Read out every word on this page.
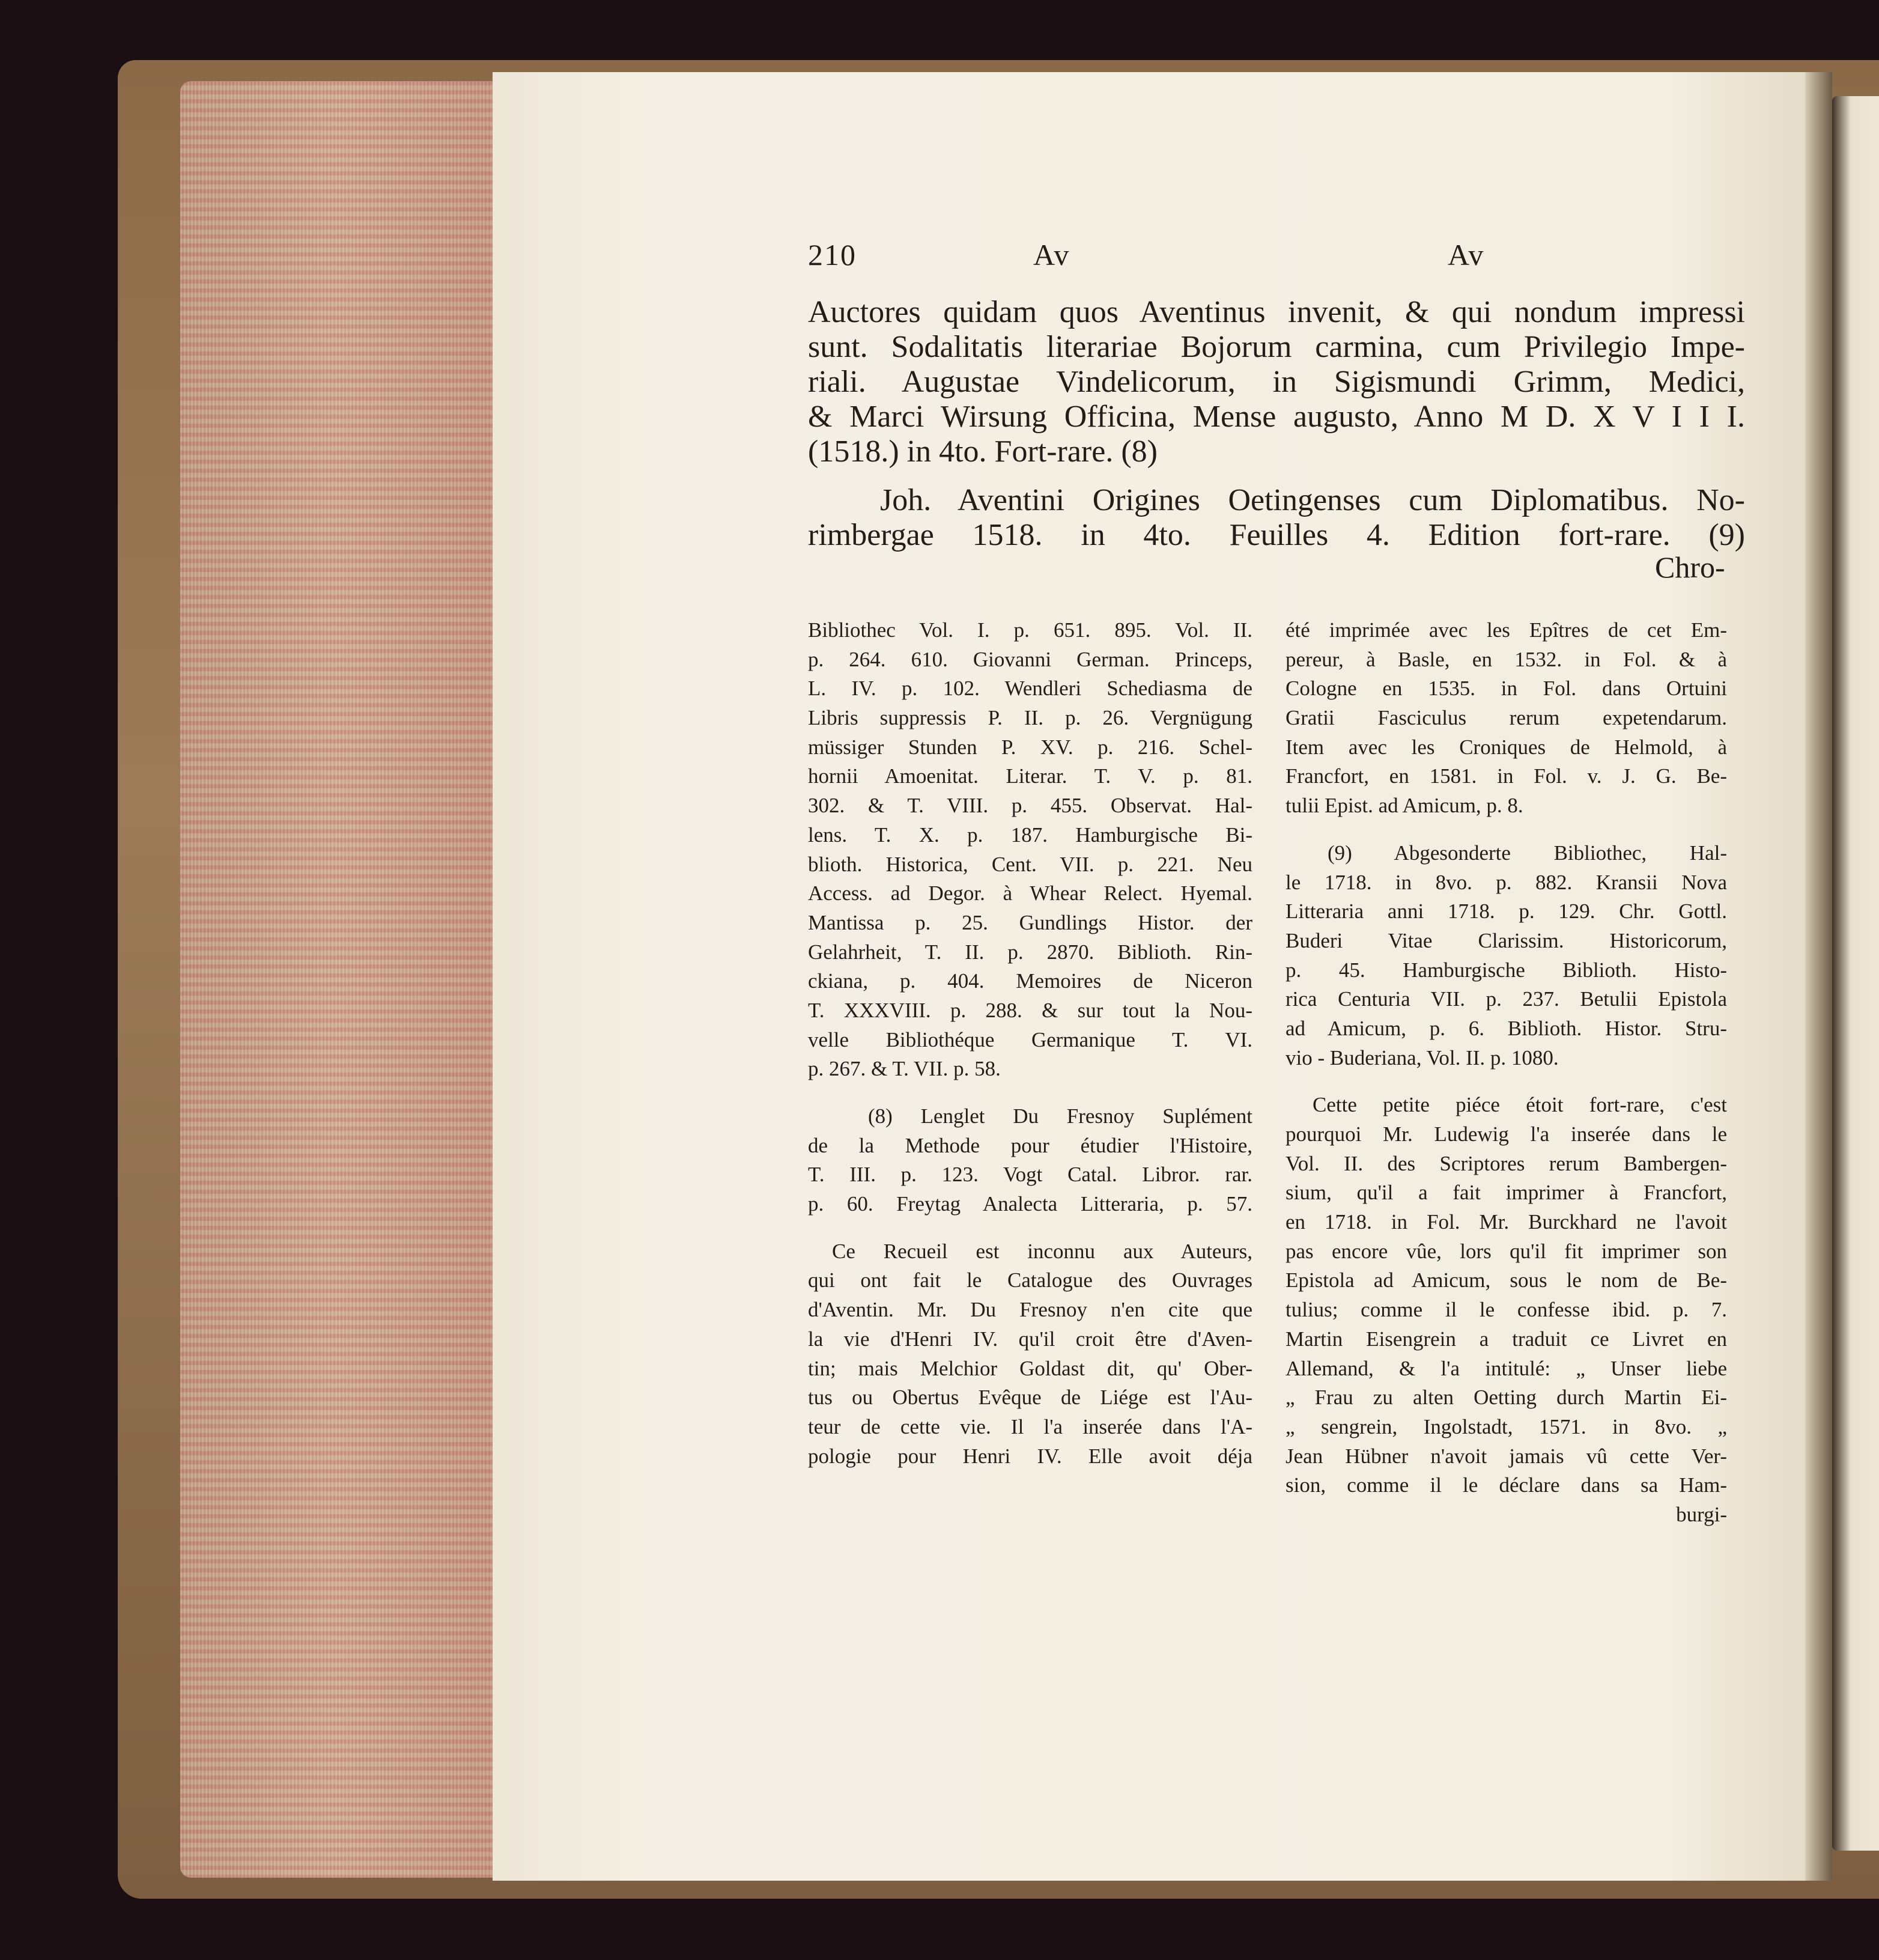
210	Av	Av
Auctores quidam quos Aventinus invenit, & qui nondum impressi
sunt. Sodalitatis literariae Bojorum carmina, cum Privilegio Impe-
riali. Augustae Vindelicorum, in Sigismundi Grimm, Medici,
& Marci Wirsung Officina, Mense augusto, Anno M D. X V I I I.
(1518.) in 4to. Fort-rare. (8)
Joh. Aventini Origines Oetingenses cum Diplomatibus. No-
rimbergae 1518. in 4to. Feuilles 4. Edition fort-rare. (9)
Chro-
Bibliothec Vol. I. p. 651. 895. Vol. II.
p. 264. 610. Giovanni German. Princeps,
L. IV. p. 102. Wendleri Schediasma de
Libris suppressis P. II. p. 26. Vergnügung
müssiger Stunden P. XV. p. 216. Schel-
hornii Amoenitat. Literar. T. V. p. 81.
302. & T. VIII. p. 455. Observat. Hal-
lens. T. X. p. 187. Hamburgische Bi-
blioth. Historica, Cent. VII. p. 221. Neu
Access. ad Degor. à Whear Relect. Hyemal.
Mantissa p. 25. Gundlings Histor. der
Gelahrheit, T. II. p. 2870. Biblioth. Rin-
ckiana, p. 404. Memoires de Niceron
T. XXXVIII. p. 288. & sur tout la Nou-
velle Bibliothéque Germanique T. VI.
p. 267. & T. VII. p. 58.
(8) Lenglet Du Fresnoy Suplément
de la Methode pour étudier l'Histoire,
T. III. p. 123. Vogt Catal. Libror. rar.
p. 60. Freytag Analecta Litteraria, p. 57.
Ce Recueil est inconnu aux Auteurs,
qui ont fait le Catalogue des Ouvrages
d'Aventin. Mr. Du Fresnoy n'en cite que
la vie d'Henri IV. qu'il croit être d'Aven-
tin; mais Melchior Goldast dit, qu' Ober-
tus ou Obertus Evêque de Liége est l'Au-
teur de cette vie. Il l'a inserée dans l'A-
pologie pour Henri IV. Elle avoit déja
été imprimée avec les Epîtres de cet Em-
pereur, à Basle, en 1532. in Fol. & à
Cologne en 1535. in Fol. dans Ortuini
Gratii Fasciculus rerum expetendarum.
Item avec les Croniques de Helmold, à
Francfort, en 1581. in Fol. v. J. G. Be-
tulii Epist. ad Amicum, p. 8.
(9) Abgesonderte Bibliothec, Hal-
le 1718. in 8vo. p. 882. Kransii Nova
Litteraria anni 1718. p. 129. Chr. Gottl.
Buderi Vitae Clarissim. Historicorum,
p. 45. Hamburgische Biblioth. Histo-
rica Centuria VII. p. 237. Betulii Epistola
ad Amicum, p. 6. Biblioth. Histor. Stru-
vio - Buderiana, Vol. II. p. 1080.
Cette petite piéce étoit fort-rare, c'est
pourquoi Mr. Ludewig l'a inserée dans le
Vol. II. des Scriptores rerum Bambergen-
sium, qu'il a fait imprimer à Francfort,
en 1718. in Fol. Mr. Burckhard ne l'avoit
pas encore vûe, lors qu'il fit imprimer son
Epistola ad Amicum, sous le nom de Be-
tulius; comme il le confesse ibid. p. 7.
Martin Eisengrein a traduit ce Livret en
Allemand, & l'a intitulé: „ Unser liebe
„ Frau zu alten Oetting durch Martin Ei-
„ sengrein, Ingolstadt, 1571. in 8vo. „
Jean Hübner n'avoit jamais vû cette Ver-
sion, comme il le déclare dans sa Ham-
burgi-
